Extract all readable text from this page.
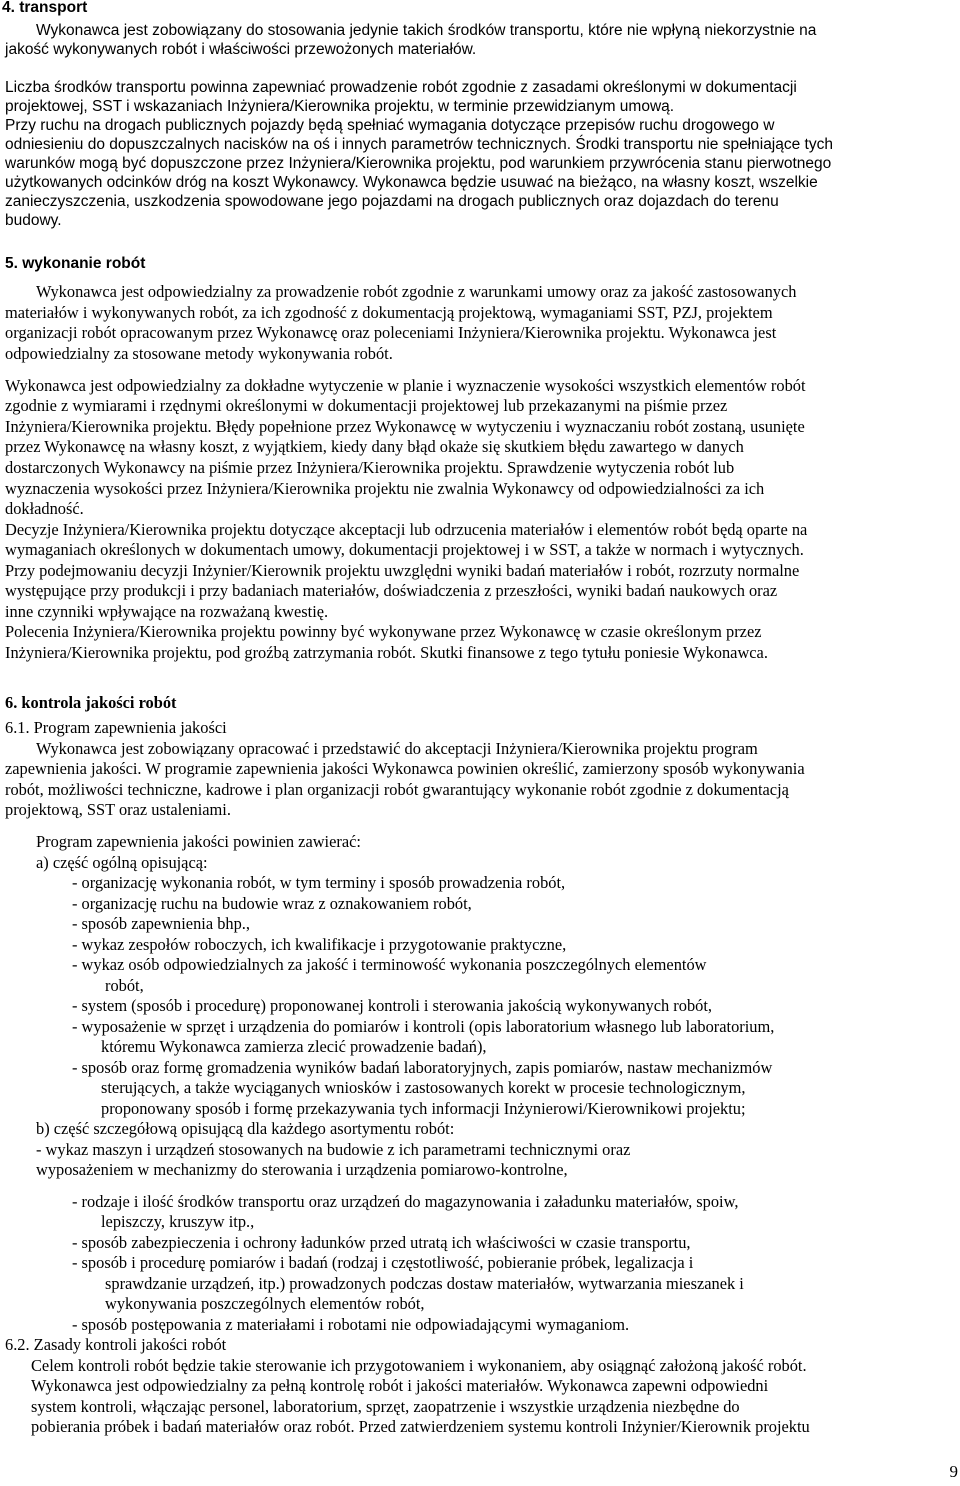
4. transport
Wykonawca jest zobowiązany do stosowania jedynie takich środków transportu, które nie wpłyną niekorzystnie na
jakość wykonywanych robót i właściwości przewożonych materiałów.
Liczba środków transportu powinna zapewniać prowadzenie robót zgodnie z zasadami określonymi w dokumentacji
projektowej, SST i wskazaniach Inżyniera/Kierownika projektu, w terminie przewidzianym umową.
Przy ruchu na drogach publicznych pojazdy będą spełniać wymagania dotyczące przepisów ruchu drogowego w
odniesieniu do dopuszczalnych nacisków na oś i innych parametrów technicznych. Środki transportu nie spełniające tych
warunków mogą być dopuszczone przez Inżyniera/Kierownika projektu, pod warunkiem przywrócenia stanu pierwotnego
użytkowanych odcinków dróg na koszt Wykonawcy. Wykonawca będzie usuwać na bieżąco, na własny koszt, wszelkie
zanieczyszczenia, uszkodzenia spowodowane jego pojazdami na drogach publicznych oraz dojazdach do terenu
budowy.
5. wykonanie robót
Wykonawca jest odpowiedzialny za prowadzenie robót zgodnie z warunkami umowy oraz za jakość zastosowanych
materiałów i wykonywanych robót, za ich zgodność z dokumentacją projektową, wymaganiami SST, PZJ, projektem
organizacji robót opracowanym przez Wykonawcę oraz poleceniami Inżyniera/Kierownika projektu. Wykonawca jest
odpowiedzialny za stosowane metody wykonywania robót.
Wykonawca jest odpowiedzialny za dokładne wytyczenie w planie i wyznaczenie wysokości wszystkich elementów robót
zgodnie z wymiarami i rzędnymi określonymi w dokumentacji projektowej lub przekazanymi na piśmie przez
Inżyniera/Kierownika projektu. Błędy popełnione przez Wykonawcę w wytyczeniu i wyznaczaniu robót zostaną, usunięte
przez Wykonawcę na własny koszt, z wyjątkiem, kiedy dany błąd okaże się skutkiem błędu zawartego w danych
dostarczonych Wykonawcy na piśmie przez Inżyniera/Kierownika projektu. Sprawdzenie wytyczenia robót lub
wyznaczenia wysokości przez Inżyniera/Kierownika projektu nie zwalnia Wykonawcy od odpowiedzialności za ich
dokładność.
Decyzje Inżyniera/Kierownika projektu dotyczące akceptacji lub odrzucenia materiałów i elementów robót będą oparte na
wymaganiach określonych w dokumentach umowy, dokumentacji projektowej i w SST, a także w normach i wytycznych.
Przy podejmowaniu decyzji Inżynier/Kierownik projektu uwzględni wyniki badań materiałów i robót, rozrzuty normalne
występujące przy produkcji i przy badaniach materiałów, doświadczenia z przeszłości, wyniki badań naukowych oraz
inne czynniki wpływające na rozważaną kwestię.
Polecenia Inżyniera/Kierownika projektu powinny być wykonywane przez Wykonawcę w czasie określonym przez
Inżyniera/Kierownika projektu, pod groźbą zatrzymania robót. Skutki finansowe z tego tytułu poniesie Wykonawca.
6. kontrola jakości robót
6.1. Program zapewnienia jakości
Wykonawca jest zobowiązany opracować i przedstawić do akceptacji Inżyniera/Kierownika projektu program
zapewnienia jakości. W programie zapewnienia jakości Wykonawca powinien określić, zamierzony sposób wykonywania
robót, możliwości techniczne, kadrowe i plan organizacji robót gwarantujący wykonanie robót zgodnie z dokumentacją
projektową, SST oraz ustaleniami.
Program zapewnienia jakości powinien zawierać:
a) część ogólną opisującą:
- organizację wykonania robót, w tym terminy i sposób prowadzenia robót,
- organizację ruchu na budowie wraz z oznakowaniem robót,
- sposób zapewnienia bhp.,
- wykaz zespołów roboczych, ich kwalifikacje i przygotowanie praktyczne,
- wykaz osób odpowiedzialnych za jakość i terminowość wykonania poszczególnych elementów
robót,
- system (sposób i procedurę) proponowanej kontroli i sterowania jakością wykonywanych robót,
- wyposażenie w sprzęt i urządzenia do pomiarów i kontroli (opis laboratorium własnego lub laboratorium,
któremu Wykonawca zamierza zlecić prowadzenie badań),
- sposób oraz formę gromadzenia wyników badań laboratoryjnych, zapis pomiarów, nastaw mechanizmów
sterujących, a także wyciąganych wniosków i zastosowanych korekt w procesie technologicznym,
proponowany sposób i formę przekazywania tych informacji Inżynierowi/Kierownikowi projektu;
b) część szczegółową opisującą dla każdego asortymentu robót:
- wykaz maszyn i urządzeń stosowanych na budowie z ich parametrami technicznymi oraz
wyposażeniem w mechanizmy do sterowania i urządzenia pomiarowo-kontrolne,
- rodzaje i ilość środków transportu oraz urządzeń do magazynowania i załadunku materiałów, spoiw,
lepiszczy, kruszyw itp.,
- sposób zabezpieczenia i ochrony ładunków przed utratą ich właściwości w czasie transportu,
- sposób i procedurę pomiarów i badań (rodzaj i częstotliwość, pobieranie próbek, legalizacja i
sprawdzanie urządzeń, itp.) prowadzonych podczas dostaw materiałów, wytwarzania mieszanek i
wykonywania poszczególnych elementów robót,
- sposób postępowania z materiałami i robotami nie odpowiadającymi wymaganiom.
6.2. Zasady kontroli jakości robót
Celem kontroli robót będzie takie sterowanie ich przygotowaniem i wykonaniem, aby osiągnąć założoną jakość robót.
Wykonawca jest odpowiedzialny za pełną kontrolę robót i jakości materiałów. Wykonawca zapewni odpowiedni
system kontroli, włączając personel, laboratorium, sprzęt, zaopatrzenie i wszystkie urządzenia niezbędne do
pobierania próbek i badań materiałów oraz robót. Przed zatwierdzeniem systemu kontroli Inżynier/Kierownik projektu
9
